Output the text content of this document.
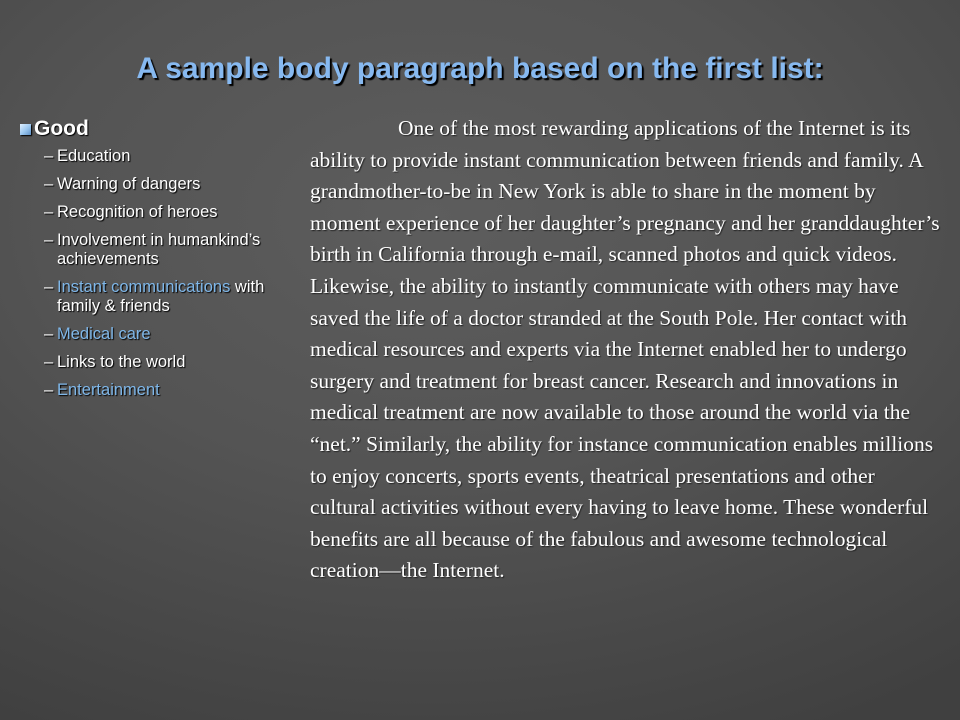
A sample body paragraph based on the first list:
Good
– Education
– Warning of dangers
– Recognition of heroes
– Involvement in humankind’s achievements
– Instant communications with family & friends
– Medical care
– Links to the world
– Entertainment

One of the most rewarding applications of the Internet is its ability to provide instant communication between friends and family. A grandmother-to-be in New York is able to share in the moment by moment experience of her daughter’s pregnancy and her granddaughter’s birth in California through e-mail, scanned photos and quick videos. Likewise, the ability to instantly communicate with others may have saved the life of a doctor stranded at the South Pole. Her contact with medical resources and experts via the Internet enabled her to undergo surgery and treatment for breast cancer. Research and innovations in medical treatment are now available to those around the world via the “net.” Similarly, the ability for instance communication enables millions to enjoy concerts, sports events, theatrical presentations and other cultural activities without every having to leave home. These wonderful benefits are all because of the fabulous and awesome technological creation—the Internet.
